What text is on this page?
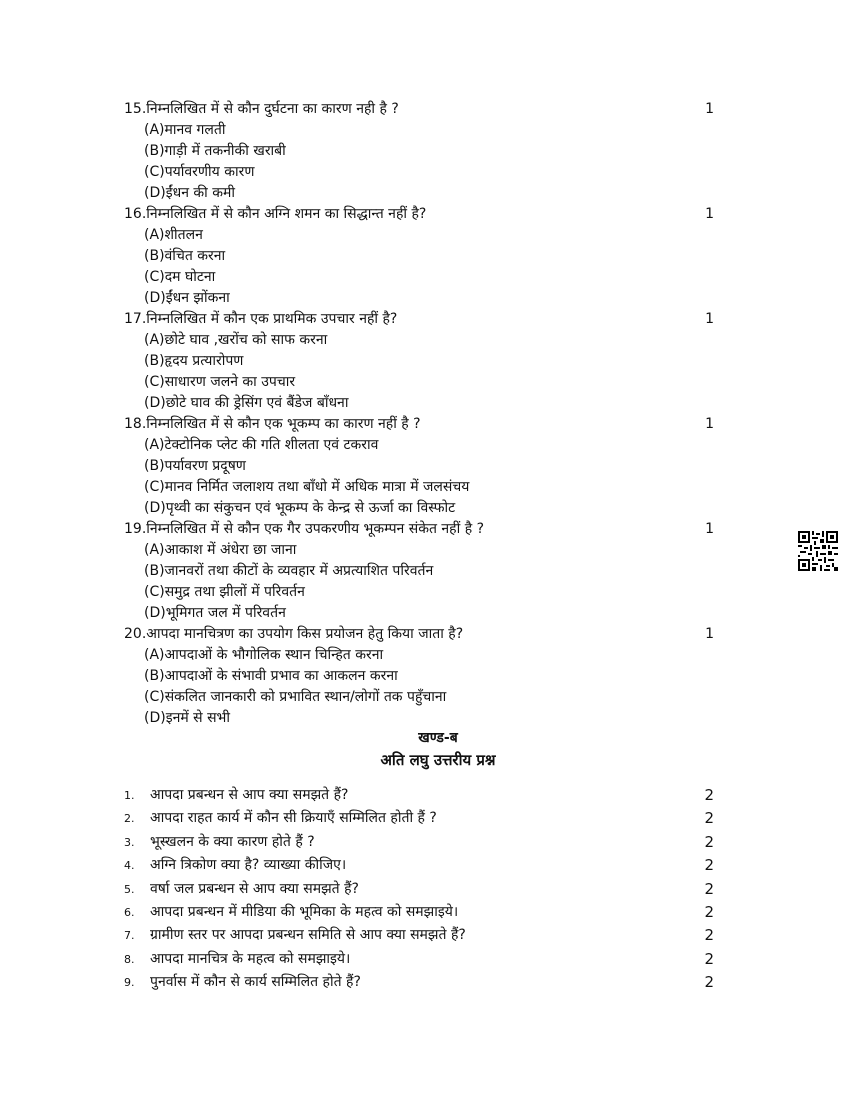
15.निम्नलिखित में से कौन दुर्घटना का कारण नही है ?	1
(A)मानव गलती
(B)गाड़ी में तकनीकी खराबी
(C)पर्यावरणीय कारण
(D)ईंधन की कमी
16.निम्नलिखित में से कौन अग्नि शमन का सिद्धान्त नहीं है?	1
(A)शीतलन
(B)वंचित करना
(C)दम घोटना
(D)ईंधन झोंकना
17.निम्नलिखित में कौन एक प्राथमिक उपचार नहीं है?	1
(A)छोटे घाव ,खरोंच को साफ करना
(B)हृदय प्रत्यारोपण
(C)साधारण जलने का उपचार
(D)छोटे घाव की ड्रेसिंग एवं बैंडेज बाँधना
18.निम्नलिखित में से कौन एक भूकम्प का कारण नहीं है ?	1
(A)टेक्टोनिक प्लेट की गति शीलता एवं टकराव
(B)पर्यावरण प्रदूषण
(C)मानव निर्मित जलाशय तथा बाँधो में अधिक मात्रा में जलसंचय
(D)पृथ्वी का संकुचन एवं भूकम्प के केन्द्र से ऊर्जा का विस्फोट
19.निम्नलिखित में से कौन एक गैर उपकरणीय भूकम्पन संकेत नहीं है ?	1
(A)आकाश में अंधेरा छा जाना
(B)जानवरों तथा कीटों के व्यवहार में अप्रत्याशित परिवर्तन
(C)समुद्र तथा झीलों में परिवर्तन
(D)भूमिगत जल में परिवर्तन
20.आपदा मानचित्रण का उपयोग किस प्रयोजन हेतु किया जाता है?	1
(A)आपदाओं के भौगोलिक स्थान चिन्हित करना
(B)आपदाओं के संभावी प्रभाव का आकलन करना
(C)संकलित जानकारी को प्रभावित स्थान/लोगों तक पहुँचाना
(D)इनमें से सभी
खण्ड-ब
अति लघु उत्तरीय प्रश्न
1.	आपदा प्रबन्धन से आप क्या समझते हैं?	2
2.	आपदा राहत कार्य में कौन सी क्रियाएँ सम्मिलित होती हैं ?	2
3.	भूस्खलन के क्या कारण होते हैं ?	2
4.	अग्नि त्रिकोण क्या है? व्याख्या कीजिए।	2
5.	वर्षा जल प्रबन्धन से आप क्या समझते हैं?	2
6.	आपदा प्रबन्धन में मीडिया की भूमिका के महत्व को समझाइये।	2
7.	ग्रामीण स्तर पर आपदा प्रबन्धन समिति से आप क्या समझते हैं?	2
8.	आपदा मानचित्र के महत्व को समझाइये।	2
9.	पुनर्वास में कौन से कार्य सम्मिलित होते हैं?	2
